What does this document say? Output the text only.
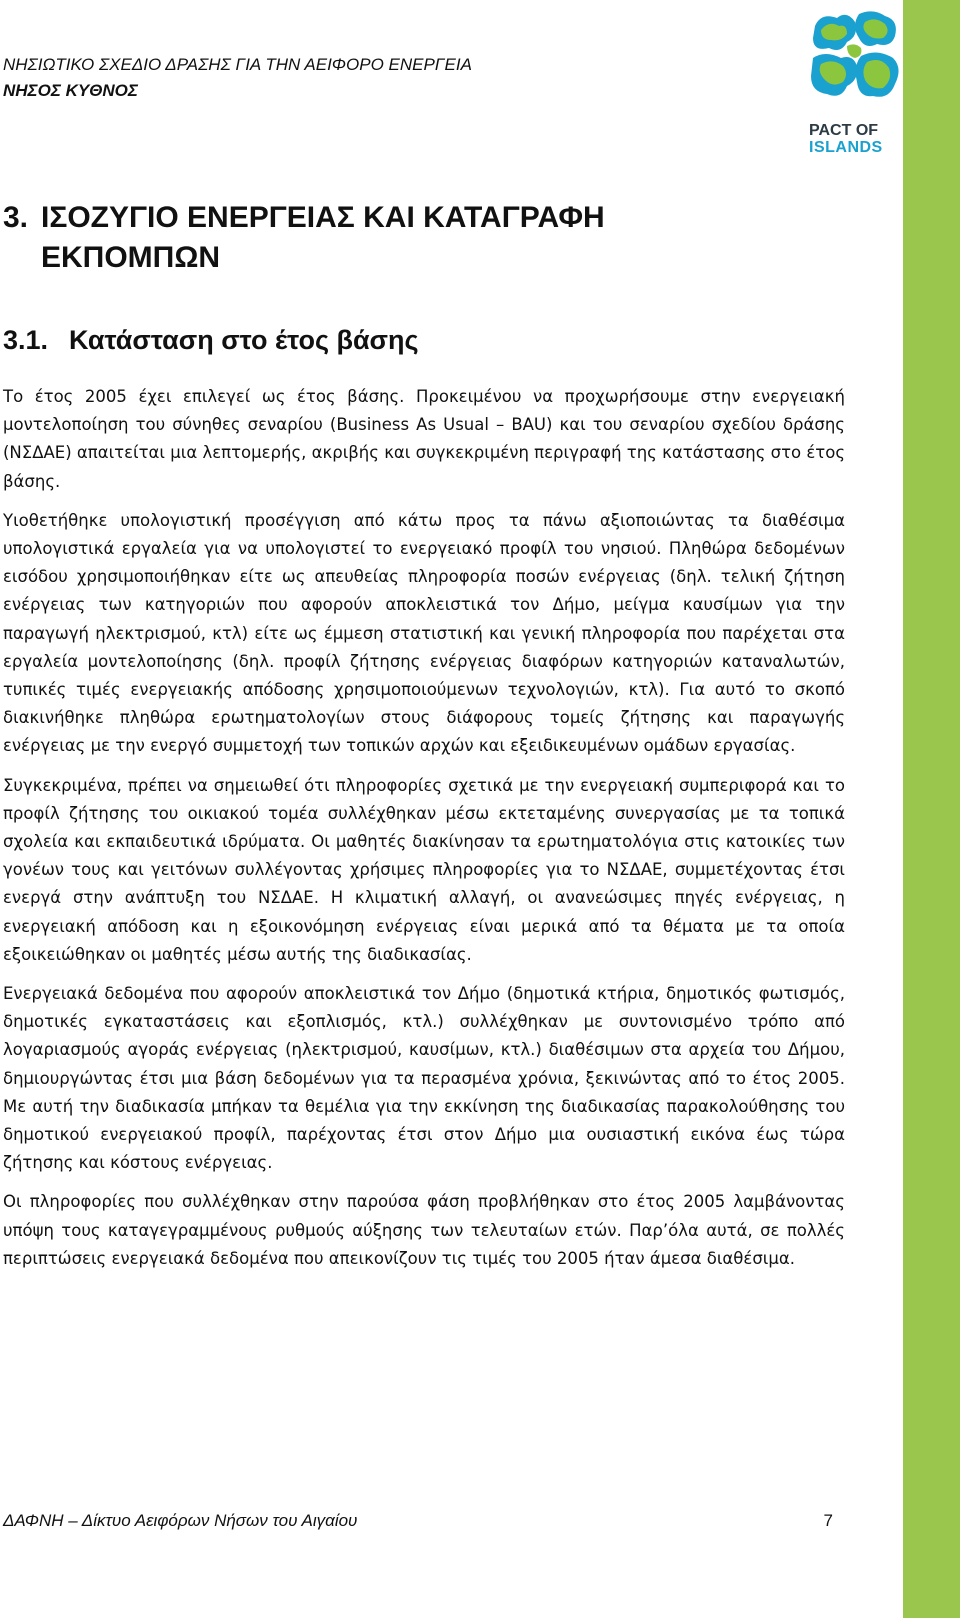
PACT OF
ISLANDS
ΝΗΣΙΩΤΙΚΟ ΣΧΕΔΙΟ ΔΡΑΣΗΣ ΓΙΑ ΤΗΝ ΑΕΙΦΟΡΟ ΕΝΕΡΓΕΙΑ
ΝΗΣΟΣ ΚΥΘΝΟΣ
3. ΙΣΟΖΥΓΙΟ ΕΝΕΡΓΕΙΑΣ ΚΑΙ ΚΑΤΑΓΡΑΦΗ
ΕΚΠΟΜΠΩΝ
3.1. Κατάσταση στο έτος βάσης

Το έτος 2005 έχει επιλεγεί ως έτος βάσης. Προκειμένου να προχωρήσουμε στην ενεργειακή μοντελοποίηση του σύνηθες σεναρίου (Business As Usual – BAU) και του σεναρίου σχεδίου δράσης (ΝΣΔΑΕ) απαιτείται μια λεπτομερής, ακριβής και συγκεκριμένη περιγραφή της κατάστασης στο έτος βάσης.

Υιοθετήθηκε υπολογιστική προσέγγιση από κάτω προς τα πάνω αξιοποιώντας τα διαθέσιμα υπολογιστικά εργαλεία για να υπολογιστεί το ενεργειακό προφίλ του νησιού. Πληθώρα δεδομένων εισόδου χρησιμοποιήθηκαν είτε ως απευθείας πληροφορία ποσών ενέργειας (δηλ. τελική ζήτηση ενέργειας των κατηγοριών που αφορούν αποκλειστικά τον Δήμο, μείγμα καυσίμων για την παραγωγή ηλεκτρισμού, κτλ) είτε ως έμμεση στατιστική και γενική πληροφορία που παρέχεται στα εργαλεία μοντελοποίησης (δηλ. προφίλ ζήτησης ενέργειας διαφόρων κατηγοριών καταναλωτών, τυπικές τιμές ενεργειακής απόδοσης χρησιμοποιούμενων τεχνολογιών, κτλ). Για αυτό το σκοπό διακινήθηκε πληθώρα ερωτηματολογίων στους διάφορους τομείς ζήτησης και παραγωγής ενέργειας με την ενεργό συμμετοχή των τοπικών αρχών και εξειδικευμένων ομάδων εργασίας.

Συγκεκριμένα, πρέπει να σημειωθεί ότι πληροφορίες σχετικά με την ενεργειακή συμπεριφορά και το προφίλ ζήτησης του οικιακού τομέα συλλέχθηκαν μέσω εκτεταμένης συνεργασίας με τα τοπικά σχολεία και εκπαιδευτικά ιδρύματα. Οι μαθητές διακίνησαν τα ερωτηματολόγια στις κατοικίες των γονέων τους και γειτόνων συλλέγοντας χρήσιμες πληροφορίες για το ΝΣΔΑΕ, συμμετέχοντας έτσι ενεργά στην ανάπτυξη του ΝΣΔΑΕ. Η κλιματική αλλαγή, οι ανανεώσιμες πηγές ενέργειας, η ενεργειακή απόδοση και η εξοικονόμηση ενέργειας είναι μερικά από τα θέματα με τα οποία εξοικειώθηκαν οι μαθητές μέσω αυτής της διαδικασίας.

Ενεργειακά δεδομένα που αφορούν αποκλειστικά τον Δήμο (δημοτικά κτήρια, δημοτικός φωτισμός, δημοτικές εγκαταστάσεις και εξοπλισμός, κτλ.) συλλέχθηκαν με συντονισμένο τρόπο από λογαριασμούς αγοράς ενέργειας (ηλεκτρισμού, καυσίμων, κτλ.) διαθέσιμων στα αρχεία του Δήμου, δημιουργώντας έτσι μια βάση δεδομένων για τα περασμένα χρόνια, ξεκινώντας από το έτος 2005. Με αυτή την διαδικασία μπήκαν τα θεμέλια για την εκκίνηση της διαδικασίας παρακολούθησης του δημοτικού ενεργειακού προφίλ, παρέχοντας έτσι στον Δήμο μια ουσιαστική εικόνα έως τώρα ζήτησης και κόστους ενέργειας.

Οι πληροφορίες που συλλέχθηκαν στην παρούσα φάση προβλήθηκαν στο έτος 2005 λαμβάνοντας υπόψη τους καταγεγραμμένους ρυθμούς αύξησης των τελευταίων ετών. Παρ’όλα αυτά, σε πολλές περιπτώσεις ενεργειακά δεδομένα που απεικονίζουν τις τιμές του 2005 ήταν άμεσα διαθέσιμα.

ΔΑΦΝΗ – Δίκτυο Αειφόρων Νήσων του Αιγαίου	7
